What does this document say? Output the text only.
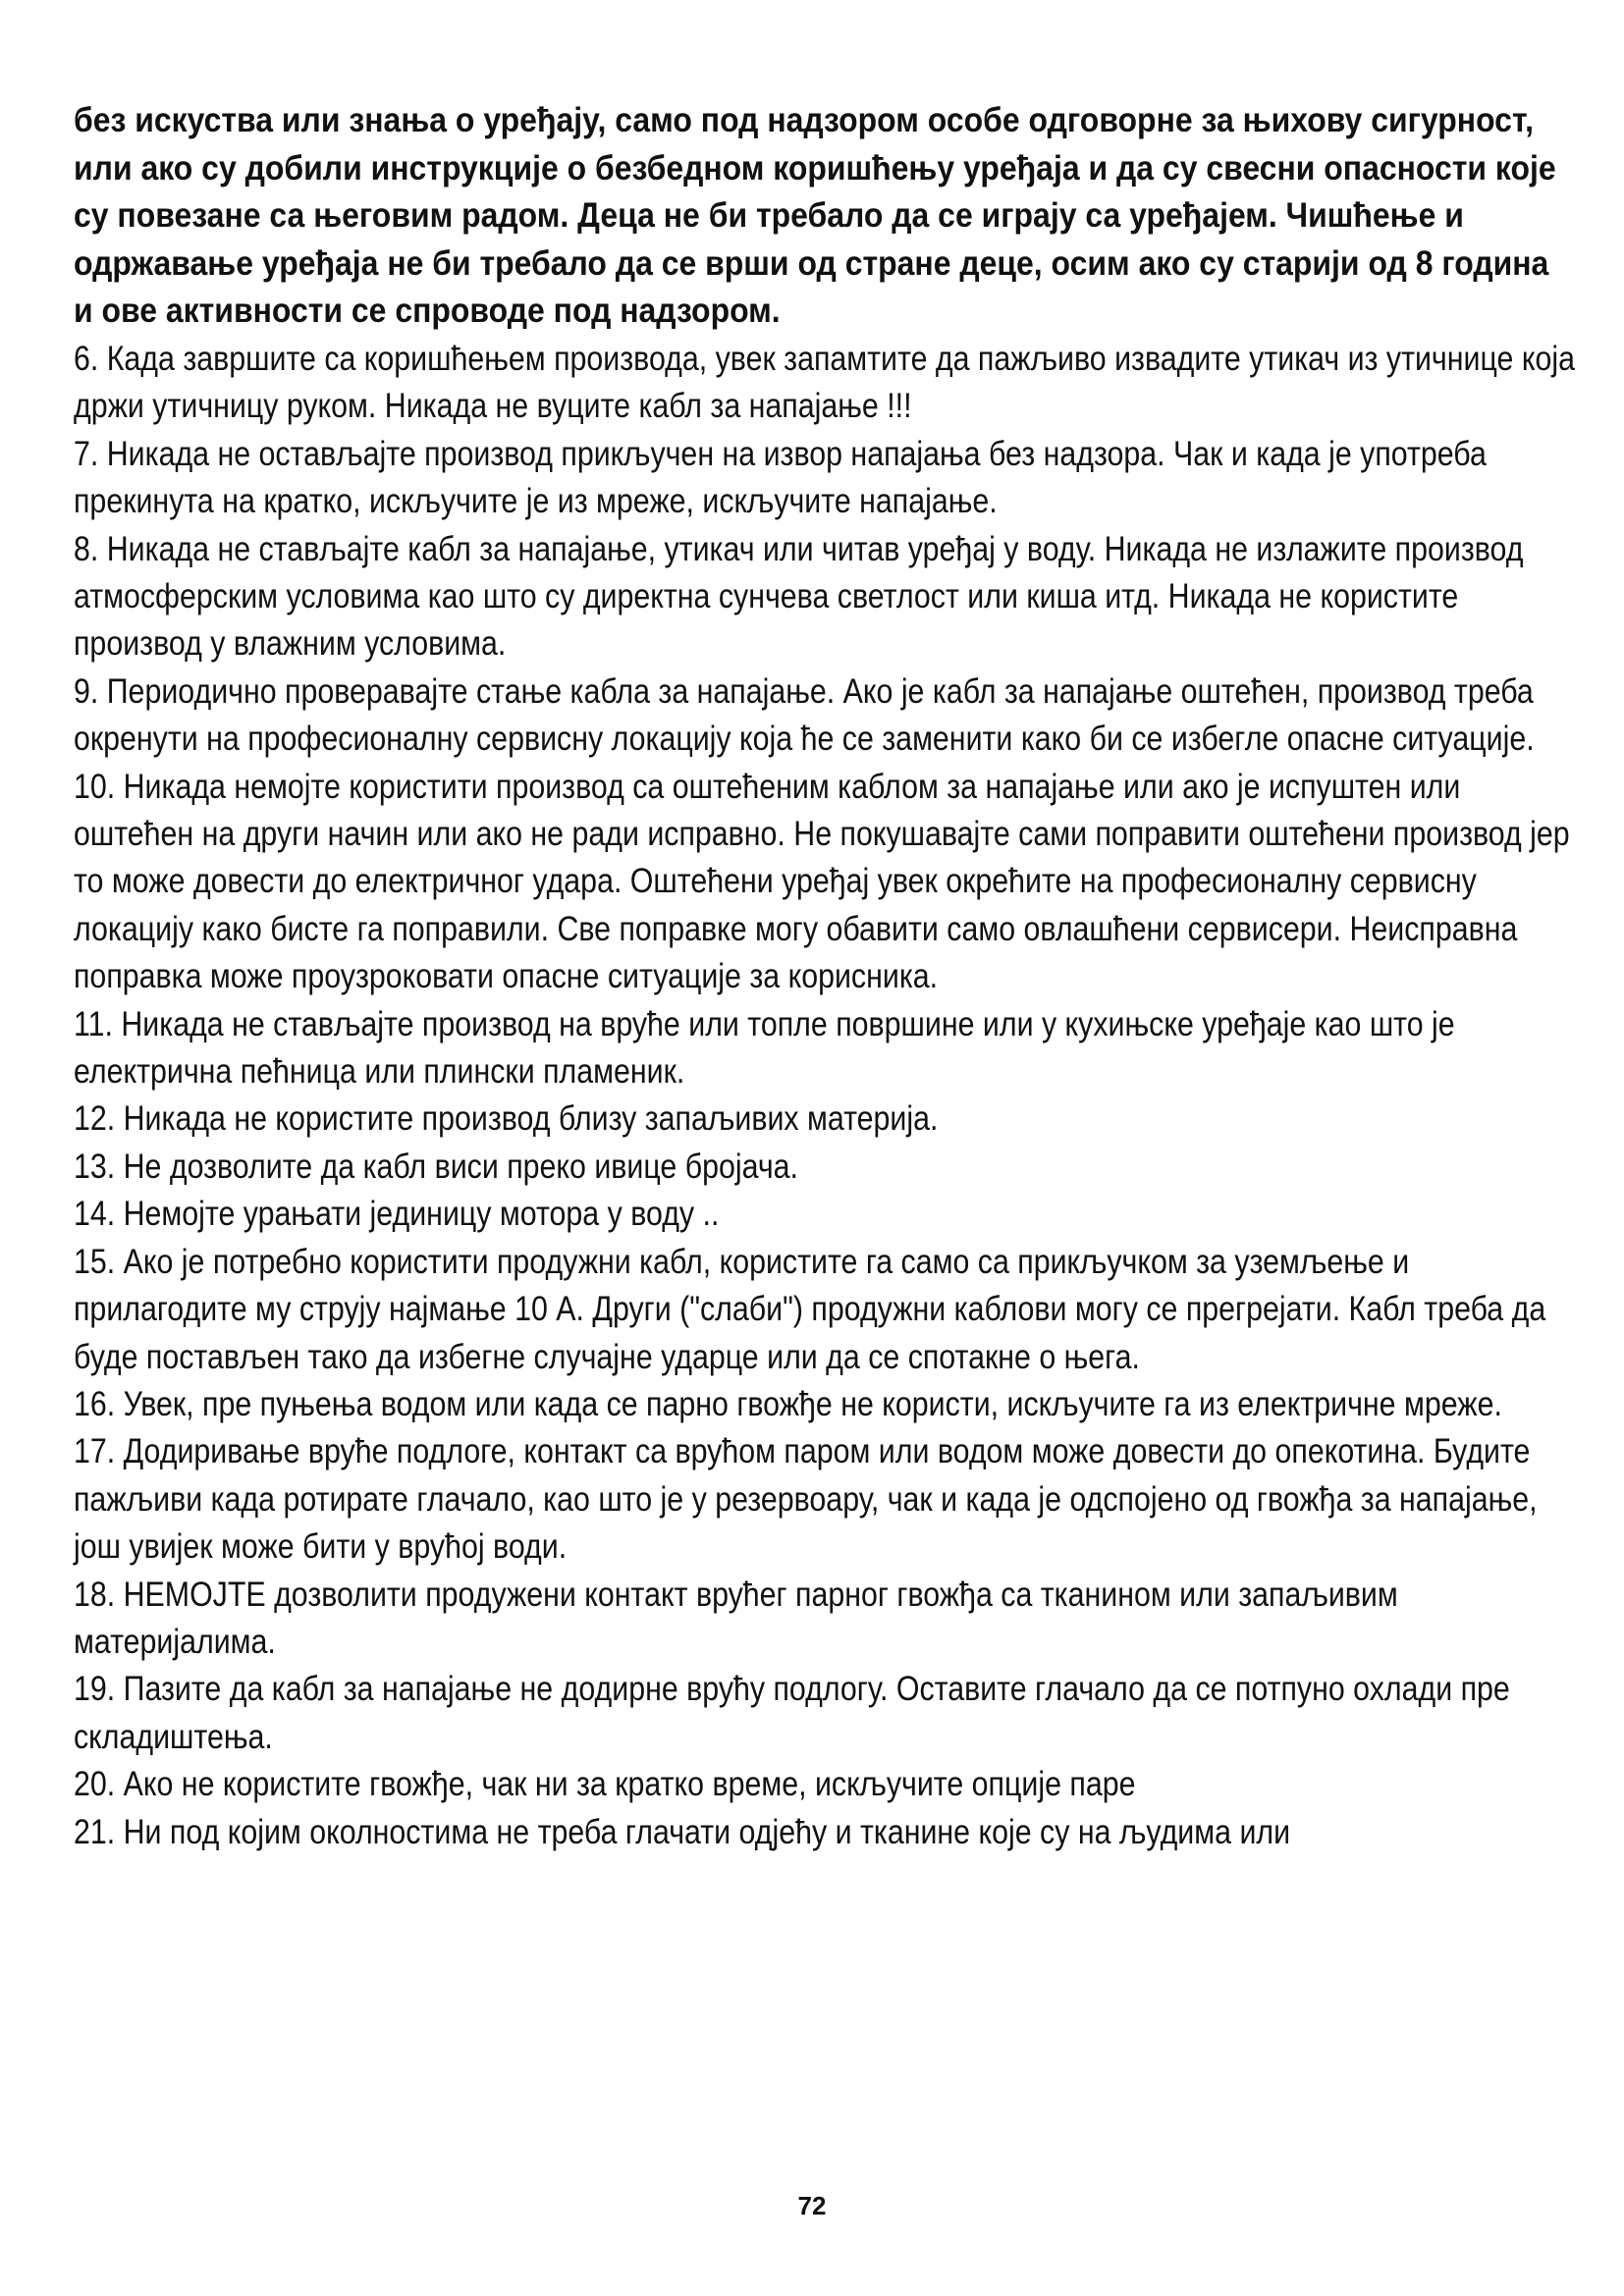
без искуства или знања о уређају, само под надзором особе одговорне за њихову сигурност, или ако су добили инструкције о безбедном коришћењу уређаја и да су свесни опасности које су повезане са његовим радом. Деца не би требало да се играју са уређајем. Чишћење и одржавање уређаја не би требало да се врши од стране деце, осим ако су старији од 8 година и ове активности се спроводе под надзором.

6. Када завршите са коришћењем производа, увек запамтите да пажљиво извадите утикач из утичнице која држи утичницу руком. Никада не вуците кабл за напајање !!!

7. Никада не остављајте производ прикључен на извор напајања без надзора. Чак и када је употреба прекинута на кратко, искључите је из мреже, искључите напајање.

8. Никада не стављајте кабл за напајање, утикач или читав уређај у воду. Никада не излажите производ атмосферским условима као што су директна сунчева светлост или киша итд. Никада не користите производ у влажним условима.

9. Периодично проверавајте стање кабла за напајање. Ако је кабл за напајање оштећен, производ треба окренути на професионалну сервисну локацију која ће се заменити како би се избегле опасне ситуације.

10. Никада немојте користити производ са оштећеним каблом за напајање или ако је испуштен или оштећен на други начин или ако не ради исправно. Не покушавајте сами поправити оштећени производ јер то може довести до електричног удара. Оштећени уређај увек окрећите на професионалну сервисну локацију како бисте га поправили. Све поправке могу обавити само овлашћени сервисери. Неисправна поправка може проузроковати опасне ситуације за корисника.

11. Никада не стављајте производ на вруће или топле површине или у кухињске уређаје као што је електрична пећница или плински пламеник.

12. Никада не користите производ близу запаљивих материја.

13. Не дозволите да кабл виси преко ивице бројача.

14. Немојте урањати јединицу мотора у воду ..

15. Ако је потребно користити продужни кабл, користите га само са прикључком за уземљење и прилагодите му струју најмање 10 А. Други ("слаби") продужни каблови могу се прегрејати. Кабл треба да буде постављен тако да избегне случајне ударце или да се спотакне о њега.

16. Увек, пре пуњења водом или када се парно гвожђе не користи, искључите га из електричне мреже.

17. Додиривање вруће подлоге, контакт са врућом паром или водом може довести до опекотина. Будите пажљиви када ротирате глачало, као што је у резервоару, чак и када је одспојено од гвожђа за напајање, још увијек може бити у врућој води.

18. НЕМОЈТЕ дозволити продужени контакт врућег парног гвожђа са тканином или запаљивим материјалима.

19. Пазите да кабл за напајање не додирне врућу подлогу. Оставите глачало да се потпуно охлади пре складиштења.

20. Ако не користите гвожђе, чак ни за кратко време, искључите опције паре

21. Ни под којим околностима не треба глачати одјећу и тканине које су на људима или

72
